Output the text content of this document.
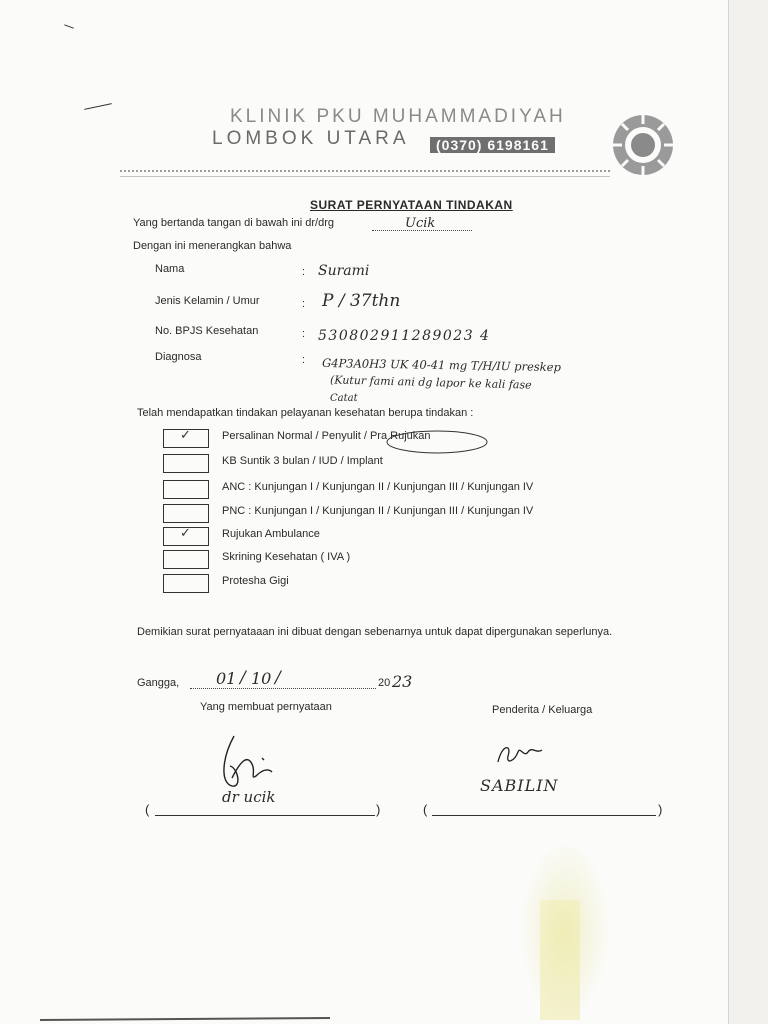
KLINIK PKU MUHAMMADIYAH
LOMBOK UTARA	(0370) 6198161
SURAT PERNYATAAN TINDAKAN
Yang bertanda tangan di bawah ini dr/drg	Ucik
Dengan ini menerangkan bahwa
Nama	: Surami
Jenis Kelamin / Umur	: P / 37thn
No. BPJS Kesehatan	: 530802911289023 4
Diagnosa	: G4P3A0H3 UK 40-41 mg T/H/IU preskep
(Kutur fami ani dg lapor ke kali fase
Catat
Telah mendapatkan tindakan pelayanan kesehatan berupa tindakan :
✓	Persalinan Normal / Penyulit / Pra Rujukan
KB Suntik 3 bulan / IUD / Implant
ANC : Kunjungan I / Kunjungan II / Kunjungan III / Kunjungan IV
PNC : Kunjungan I / Kunjungan II / Kunjungan III / Kunjungan IV
✓	Rujukan Ambulance
Skrining Kesehatan ( IVA )
Protesha Gigi
Demikian surat pernyataaan ini dibuat dengan sebenarnya untuk dapat dipergunakan seperlunya.
Gangga, 01 / 10 /	20 23
Yang membuat pernyataan	Penderita / Keluarga
dr ucik
SABILIN
(	)	(	)
